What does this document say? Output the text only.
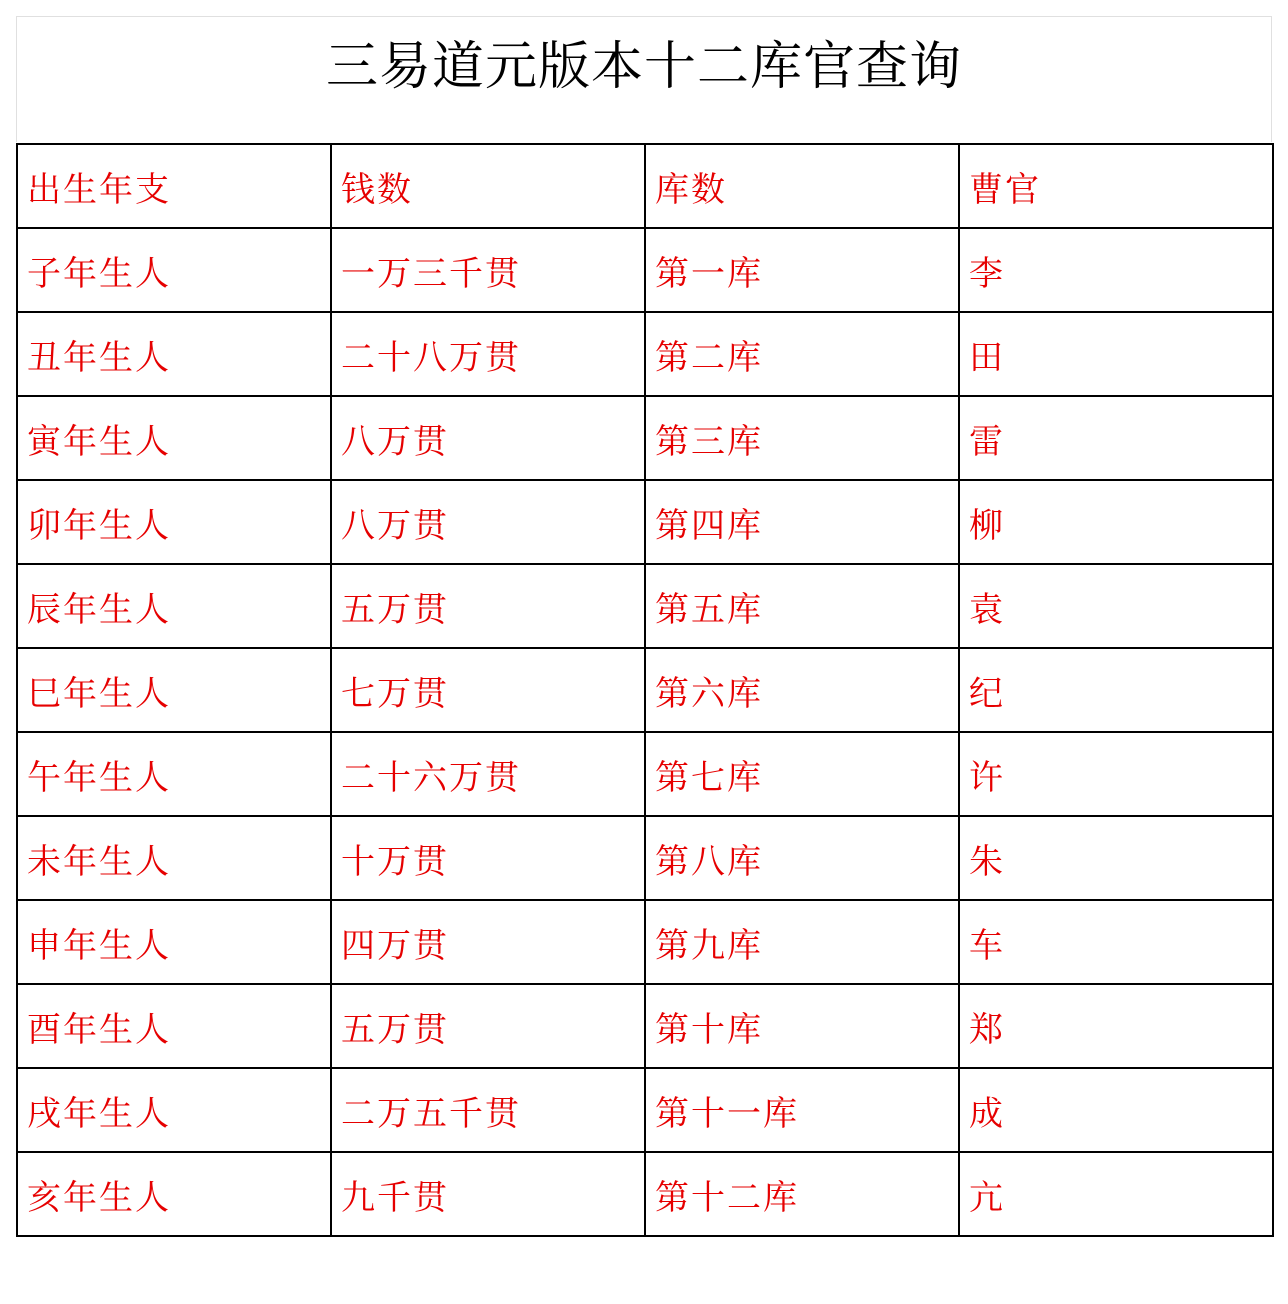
三易道元版本十二库官查询
出生年支	钱数	库数	曹官
子年生人	一万三千贯	第一库	李
丑年生人	二十八万贯	第二库	田
寅年生人	八万贯	第三库	雷
卯年生人	八万贯	第四库	柳
辰年生人	五万贯	第五库	袁
巳年生人	七万贯	第六库	纪
午年生人	二十六万贯	第七库	许
未年生人	十万贯	第八库	朱
申年生人	四万贯	第九库	车
酉年生人	五万贯	第十库	郑
戌年生人	二万五千贯	第十一库	成
亥年生人	九千贯	第十二库	亢
